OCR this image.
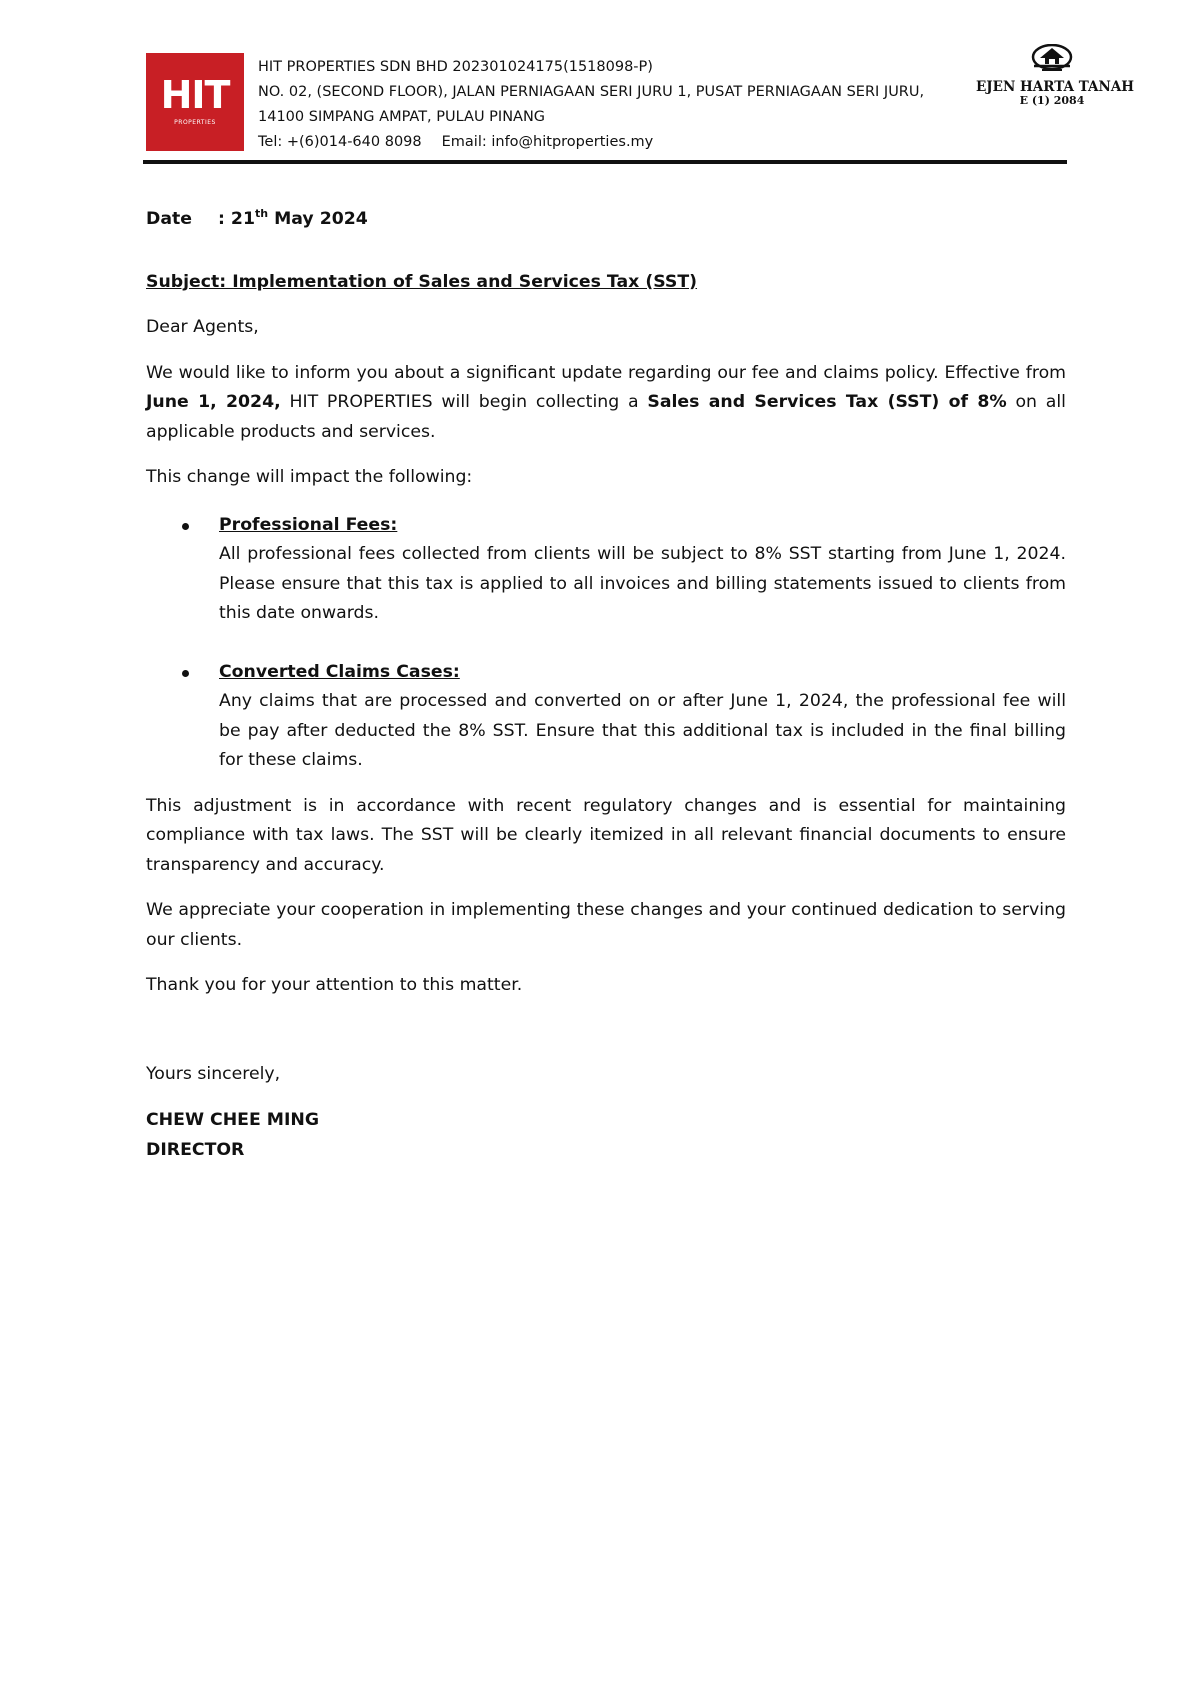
HIT
PROPERTIES
HIT PROPERTIES SDN BHD 202301024175(1518098-P)
NO. 02, (SECOND FLOOR), JALAN PERNIAGAAN SERI JURU 1, PUSAT PERNIAGAAN SERI JURU,
14100 SIMPANG AMPAT, PULAU PINANG
Tel: +(6)014-640 8098 Email: info@hitproperties.my
EJEN HARTA TANAH
E (1) 2084

Date : 21th May 2024

Subject: Implementation of Sales and Services Tax (SST)

Dear Agents,

We would like to inform you about a significant update regarding our fee and claims policy. Effective from June 1, 2024, HIT PROPERTIES will begin collecting a Sales and Services Tax (SST) of 8% on all applicable products and services.

This change will impact the following:

Professional Fees:
All professional fees collected from clients will be subject to 8% SST starting from June 1, 2024. Please ensure that this tax is applied to all invoices and billing statements issued to clients from this date onwards.
Converted Claims Cases:
Any claims that are processed and converted on or after June 1, 2024, the professional fee will be pay after deducted the 8% SST. Ensure that this additional tax is included in the final billing for these claims.

This adjustment is in accordance with recent regulatory changes and is essential for maintaining compliance with tax laws. The SST will be clearly itemized in all relevant financial documents to ensure transparency and accuracy.

We appreciate your cooperation in implementing these changes and your continued dedication to serving our clients.

Thank you for your attention to this matter.

Yours sincerely,

CHEW CHEE MING
DIRECTOR
